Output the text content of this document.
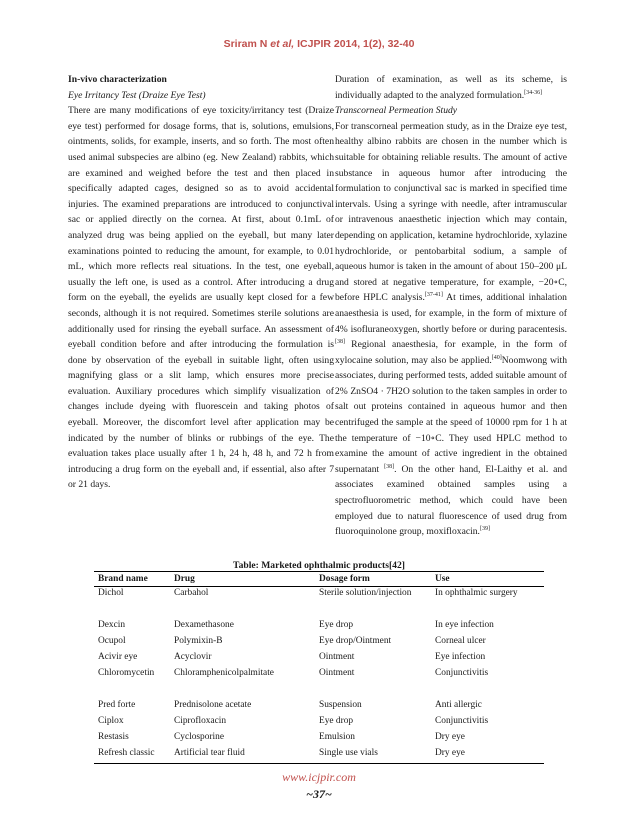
Sriram N et al, ICJPIR 2014, 1(2), 32-40

In-vivo characterization

Eye Irritancy Test (Draize Eye Test)

There are many modifications of eye toxicity/irritancy test (Draize eye test) performed for dosage forms, that is, solutions, emulsions, ointments, solids, for example, inserts, and so forth. The most often used animal subspecies are albino (eg. New Zealand) rabbits, which are examined and weighed before the test and then placed in specifically adapted cages, designed so as to avoid accidental injuries. The examined preparations are introduced to conjunctival sac or applied directly on the cornea. At first, about 0.1mL of analyzed drug was being applied on the eyeball, but many later examinations pointed to reducing the amount, for example, to 0.01 mL, which more reflects real situations. In the test, one eyeball, usually the left one, is used as a control. After introducing a drug form on the eyeball, the eyelids are usually kept closed for a few seconds, although it is not required. Sometimes sterile solutions are additionally used for rinsing the eyeball surface. An assessment of eyeball condition before and after introducing the formulation is done by observation of the eyeball in suitable light, often using magnifying glass or a slit lamp, which ensures more precise evaluation. Auxiliary procedures which simplify visualization of changes include dyeing with fluorescein and taking photos of eyeball. Moreover, the discomfort level after application may be indicated by the number of blinks or rubbings of the eye. The evaluation takes place usually after 1 h, 24 h, 48 h, and 72 h from introducing a drug form on the eyeball and, if essential, also after 7 or 21 days.

Duration of examination, as well as its scheme, is individually adapted to the analyzed formulation.[34-36]

Transcorneal Permeation Study

For transcorneal permeation study, as in the Draize eye test, healthy albino rabbits are chosen in the number which is suitable for obtaining reliable results. The amount of active substance in aqueous humor after introducing the formulation to conjunctival sac is marked in specified time intervals. Using a syringe with needle, after intramuscular or intravenous anaesthetic injection which may contain, depending on application, ketamine hydrochloride, xylazine hydrochloride, or pentobarbital sodium, a sample of aqueous humor is taken in the amount of about 150–200 μL and stored at negative temperature, for example, −20∘C, before HPLC analysis.[37-41] At times, additional inhalation anaesthesia is used, for example, in the form of mixture of 4% isofluraneoxygen, shortly before or during paracentesis.[38] Regional anaesthesia, for example, in the form of xylocaine solution, may also be applied.[40]Noomwong with associates, during performed tests, added suitable amount of 2% ZnSO4 · 7H2O solution to the taken samples in order to salt out proteins contained in aqueous humor and then centrifuged the sample at the speed of 10000 rpm for 1 h at the temperature of −10∘C. They used HPLC method to examine the amount of active ingredient in the obtained supernatant [38]. On the other hand, El-Laithy et al. and associates examined obtained samples using a spectrofluorometric method, which could have been employed due to natural fluorescence of used drug from fluoroquinolone group, moxifloxacin.[39]

Table: Marketed ophthalmic products[42]
Brand name	Drug	Dosage form	Use
Dichol	Carbahol	Sterile solution/injection	In ophthalmic surgery

Dexcin	Dexamethasone	Eye drop	In eye infection
Ocupol	Polymixin-B	Eye drop/Ointment	Corneal ulcer
Acivir eye	Acyclovir	Ointment	Eye infection
Chloromycetin	Chloramphenicolpalmitate	Ointment	Conjunctivitis

Pred forte	Prednisolone acetate	Suspension	Anti allergic
Ciplox	Ciprofloxacin	Eye drop	Conjunctivitis
Restasis	Cyclosporine	Emulsion	Dry eye
Refresh classic	Artificial tear fluid	Single use vials	Dry eye
www.icjpir.com
~37~
